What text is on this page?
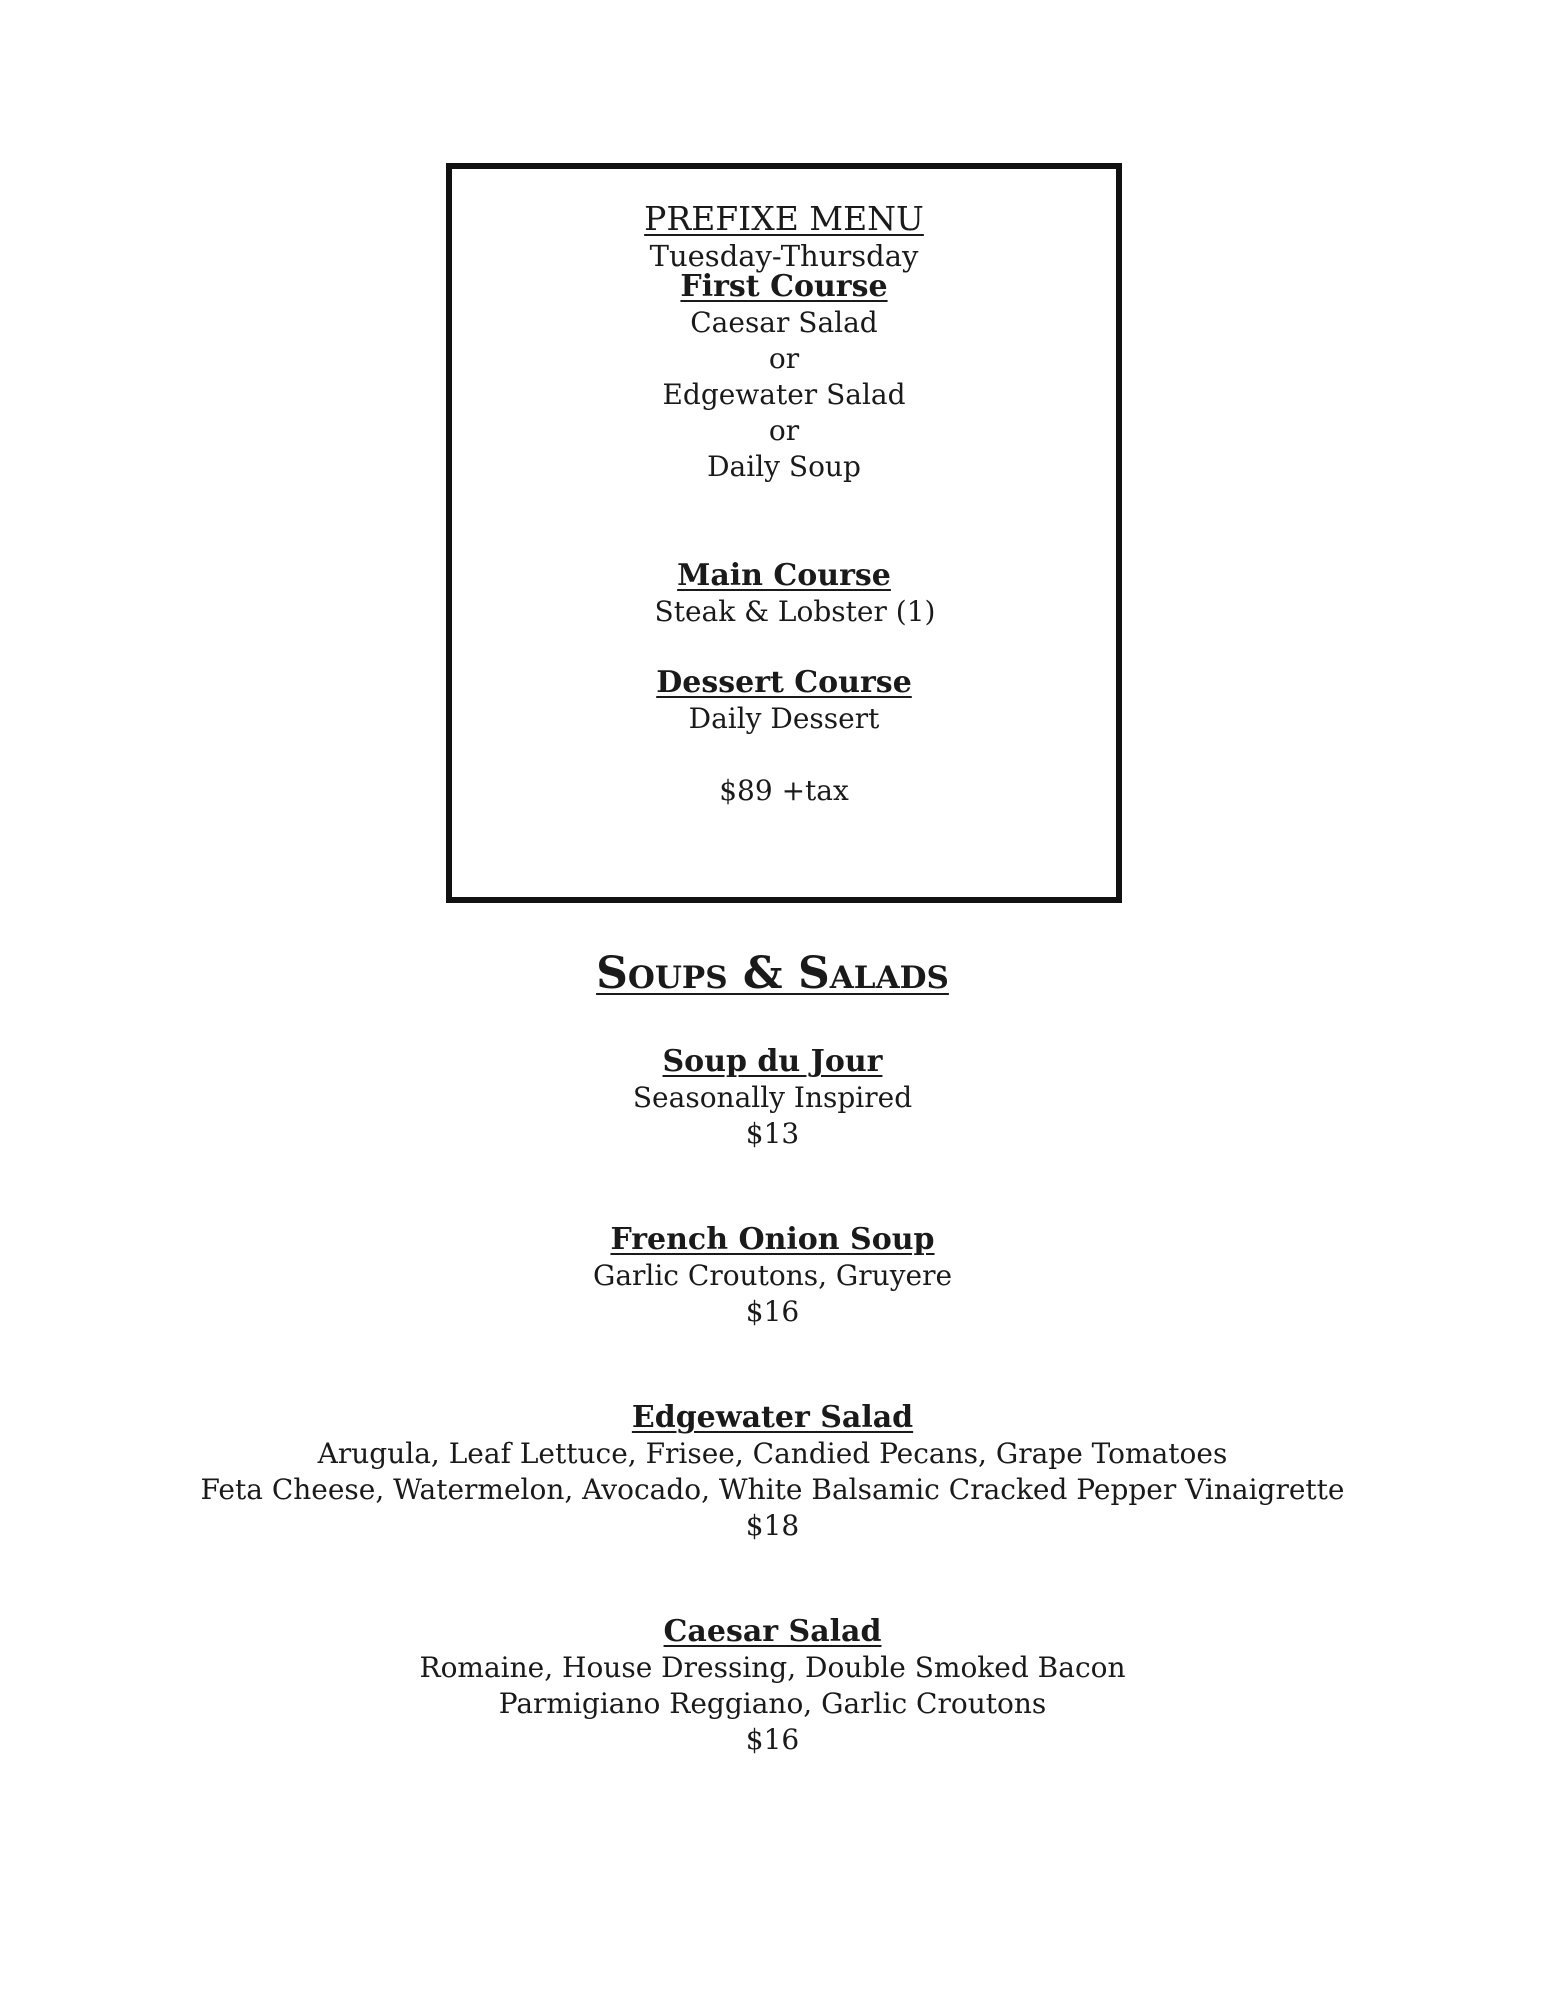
PREFIXE MENU
Tuesday-Thursday
First Course
Caesar Salad
or
Edgewater Salad
or
Daily Soup
Main Course
Steak & Lobster (1)
Dessert Course
Daily Dessert
$89 +tax
Soups & Salads
Soup du Jour
Seasonally Inspired
$13
French Onion Soup
Garlic Croutons, Gruyere
$16
Edgewater Salad
Arugula, Leaf Lettuce, Frisee, Candied Pecans, Grape Tomatoes
Feta Cheese, Watermelon, Avocado, White Balsamic Cracked Pepper Vinaigrette
$18
Caesar Salad
Romaine, House Dressing, Double Smoked Bacon
Parmigiano Reggiano, Garlic Croutons
$16
